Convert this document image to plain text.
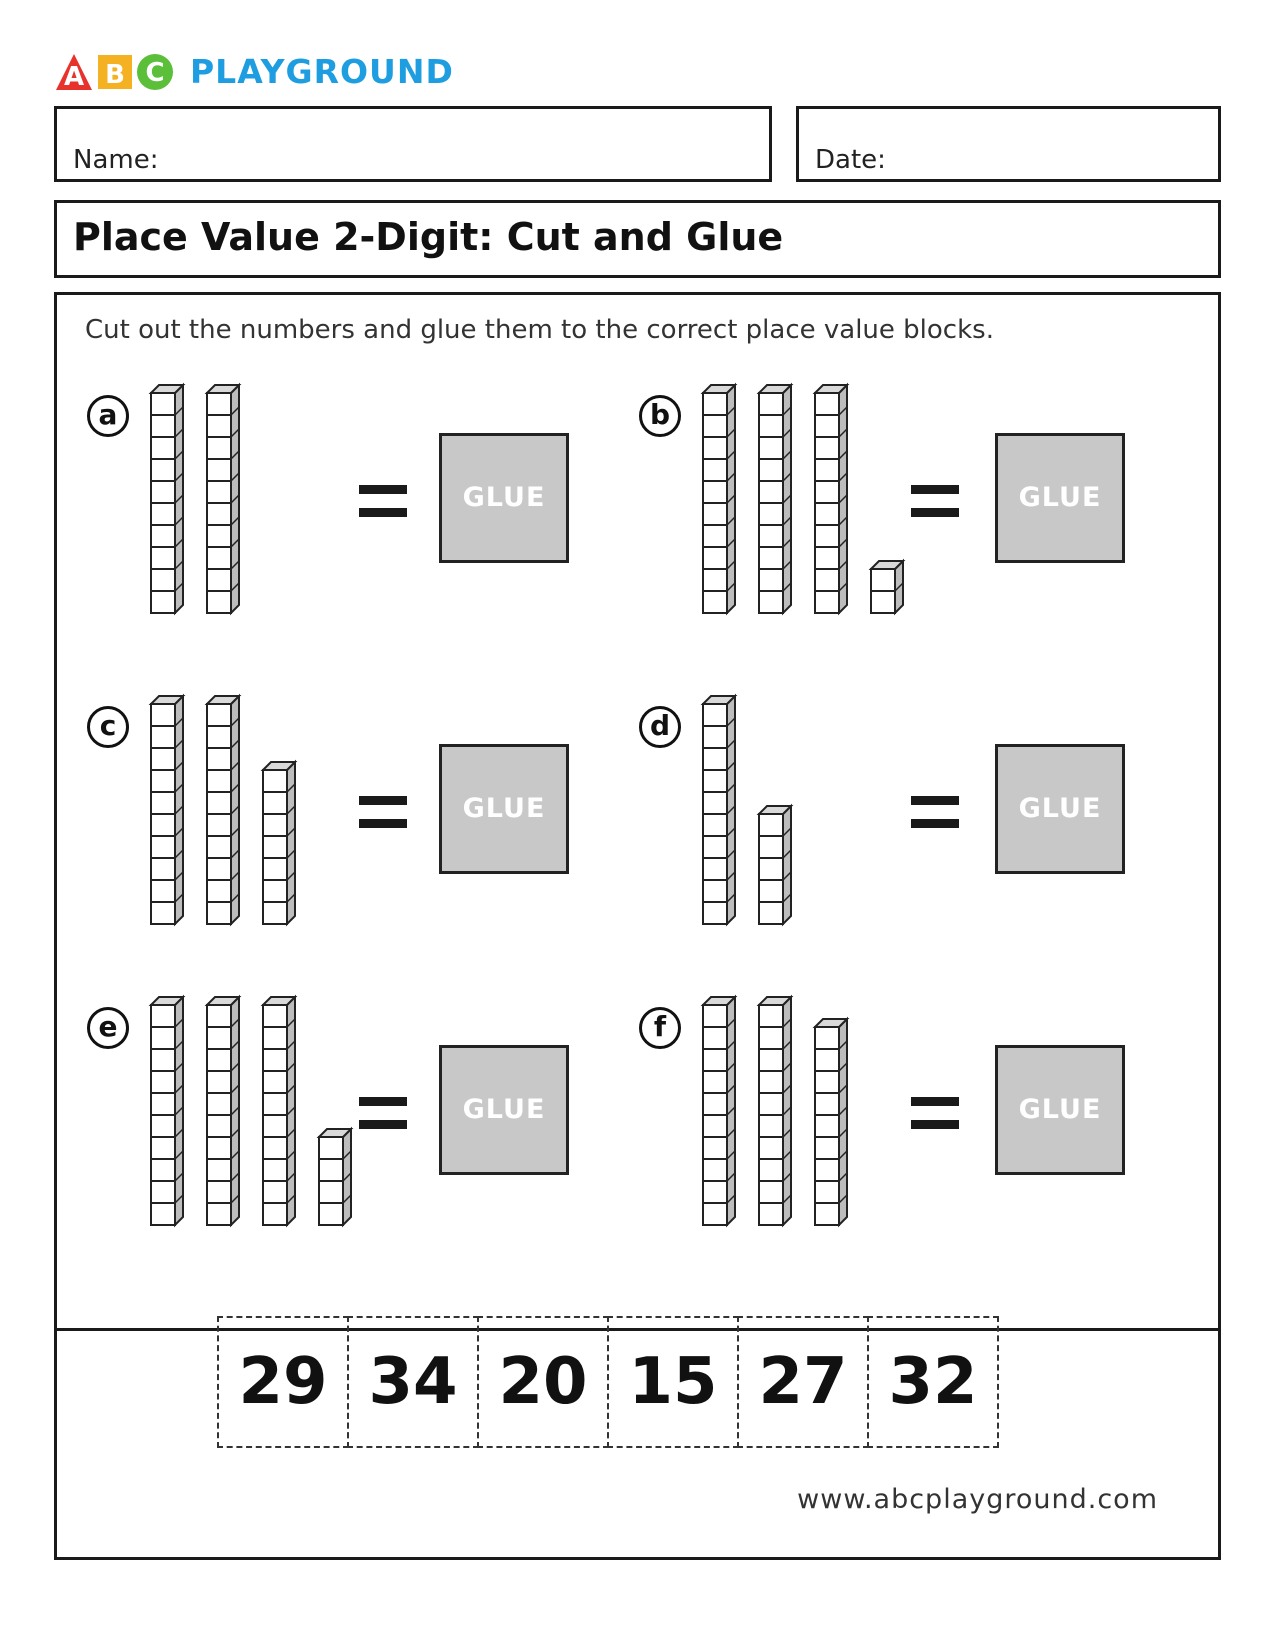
A B C PLAYGROUND
Name:	Date:
Place Value 2-Digit: Cut and Glue
Cut out the numbers and glue them to the correct place value blocks.
29 34 20 15 27 32
a
GLUE
b
GLUE
c
GLUE
d
GLUE
e
GLUE
f
GLUE
www.abcplayground.com
